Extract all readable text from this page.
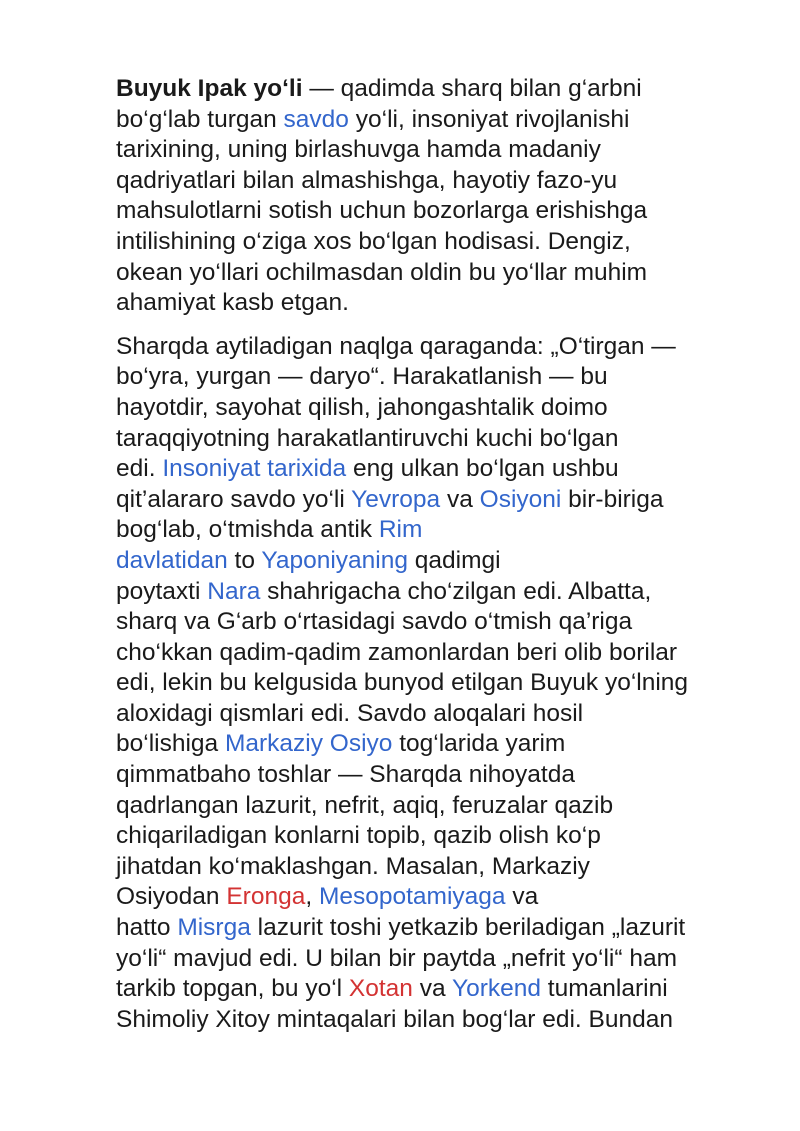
Buyuk Ipak yo‘li — qadimda sharq bilan g‘arbni
bo‘g‘lab turgan savdo yo‘li, insoniyat rivojlanishi
tarixining, uning birlashuvga hamda madaniy
qadriyatlari bilan almashishga, hayotiy fazo-yu
mahsulotlarni sotish uchun bozorlarga erishishga
intilishining o‘ziga xos bo‘lgan hodisasi. Dengiz,
okean yo‘llari ochilmasdan oldin bu yo‘llar muhim
ahamiyat kasb etgan.
Sharqda aytiladigan naqlga qaraganda: „O‘tirgan —
bo‘yra, yurgan — daryo“. Harakatlanish — bu
hayotdir, sayohat qilish, jahongashtalik doimo
taraqqiyotning harakatlantiruvchi kuchi bo‘lgan
edi. Insoniyat tarixida eng ulkan bo‘lgan ushbu
qit’alararo savdo yo‘li Yevropa va Osiyoni bir-biriga
bog‘lab, o‘tmishda antik Rim
davlatidan to Yaponiyaning qadimgi
poytaxti Nara shahrigacha cho‘zilgan edi. Albatta,
sharq va G‘arb o‘rtasidagi savdo o‘tmish qa’riga
cho‘kkan qadim-qadim zamonlardan beri olib borilar
edi, lekin bu kelgusida bunyod etilgan Buyuk yo‘lning
aloxidagi qismlari edi. Savdo aloqalari hosil
bo‘lishiga Markaziy Osiyo tog‘larida yarim
qimmatbaho toshlar — Sharqda nihoyatda
qadrlangan lazurit, nefrit, aqiq, feruzalar qazib
chiqariladigan konlarni topib, qazib olish ko‘p
jihatdan ko‘maklashgan. Masalan, Markaziy
Osiyodan Eronga, Mesopotamiyaga va
hatto Misrga lazurit toshi yetkazib beriladigan „lazurit
yo‘li“ mavjud edi. U bilan bir paytda „nefrit yo‘li“ ham
tarkib topgan, bu yo‘l Xotan va Yorkend tumanlarini
Shimoliy Xitoy mintaqalari bilan bog‘lar edi. Bundan
